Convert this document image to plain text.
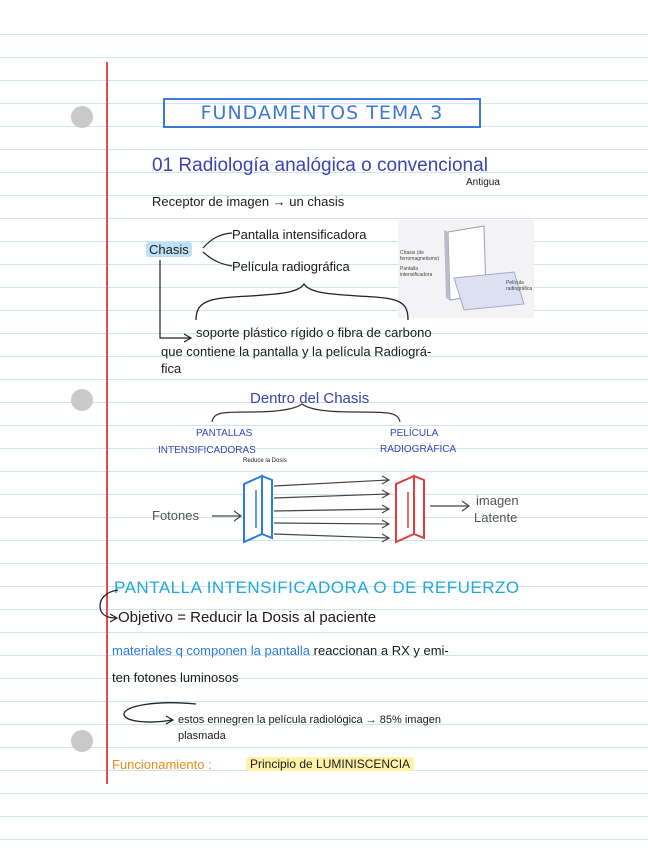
FUNDAMENTOS TEMA 3
01 Radiología analógica o convencional
Antigua
Receptor de imagen → un chasis
Chasis
Pantalla intensificadora
Película radiográfica
Chasis (de ferromagnetismo)
Pantalla intensificadora
Película radiográfica
soporte plástico rígido o fibra de carbono
que contiene la pantalla y la película Radiográ-
fica
Dentro del Chasis
PANTALLAS
INTENSIFICADORAS
Reduce la Dosis
PELÍCULA
RADIOGRÁFICA
Fotones
imagen
Latente
PANTALLA INTENSIFICADORA O DE REFUERZO
Objetivo = Reducir la Dosis al paciente
materiales q componen la pantalla reaccionan a RX y emi-
ten fotones luminosos
estos ennegren la película radiológica → 85% imagen
plasmada
Funcionamiento :	Principio de LUMINISCENCIA
